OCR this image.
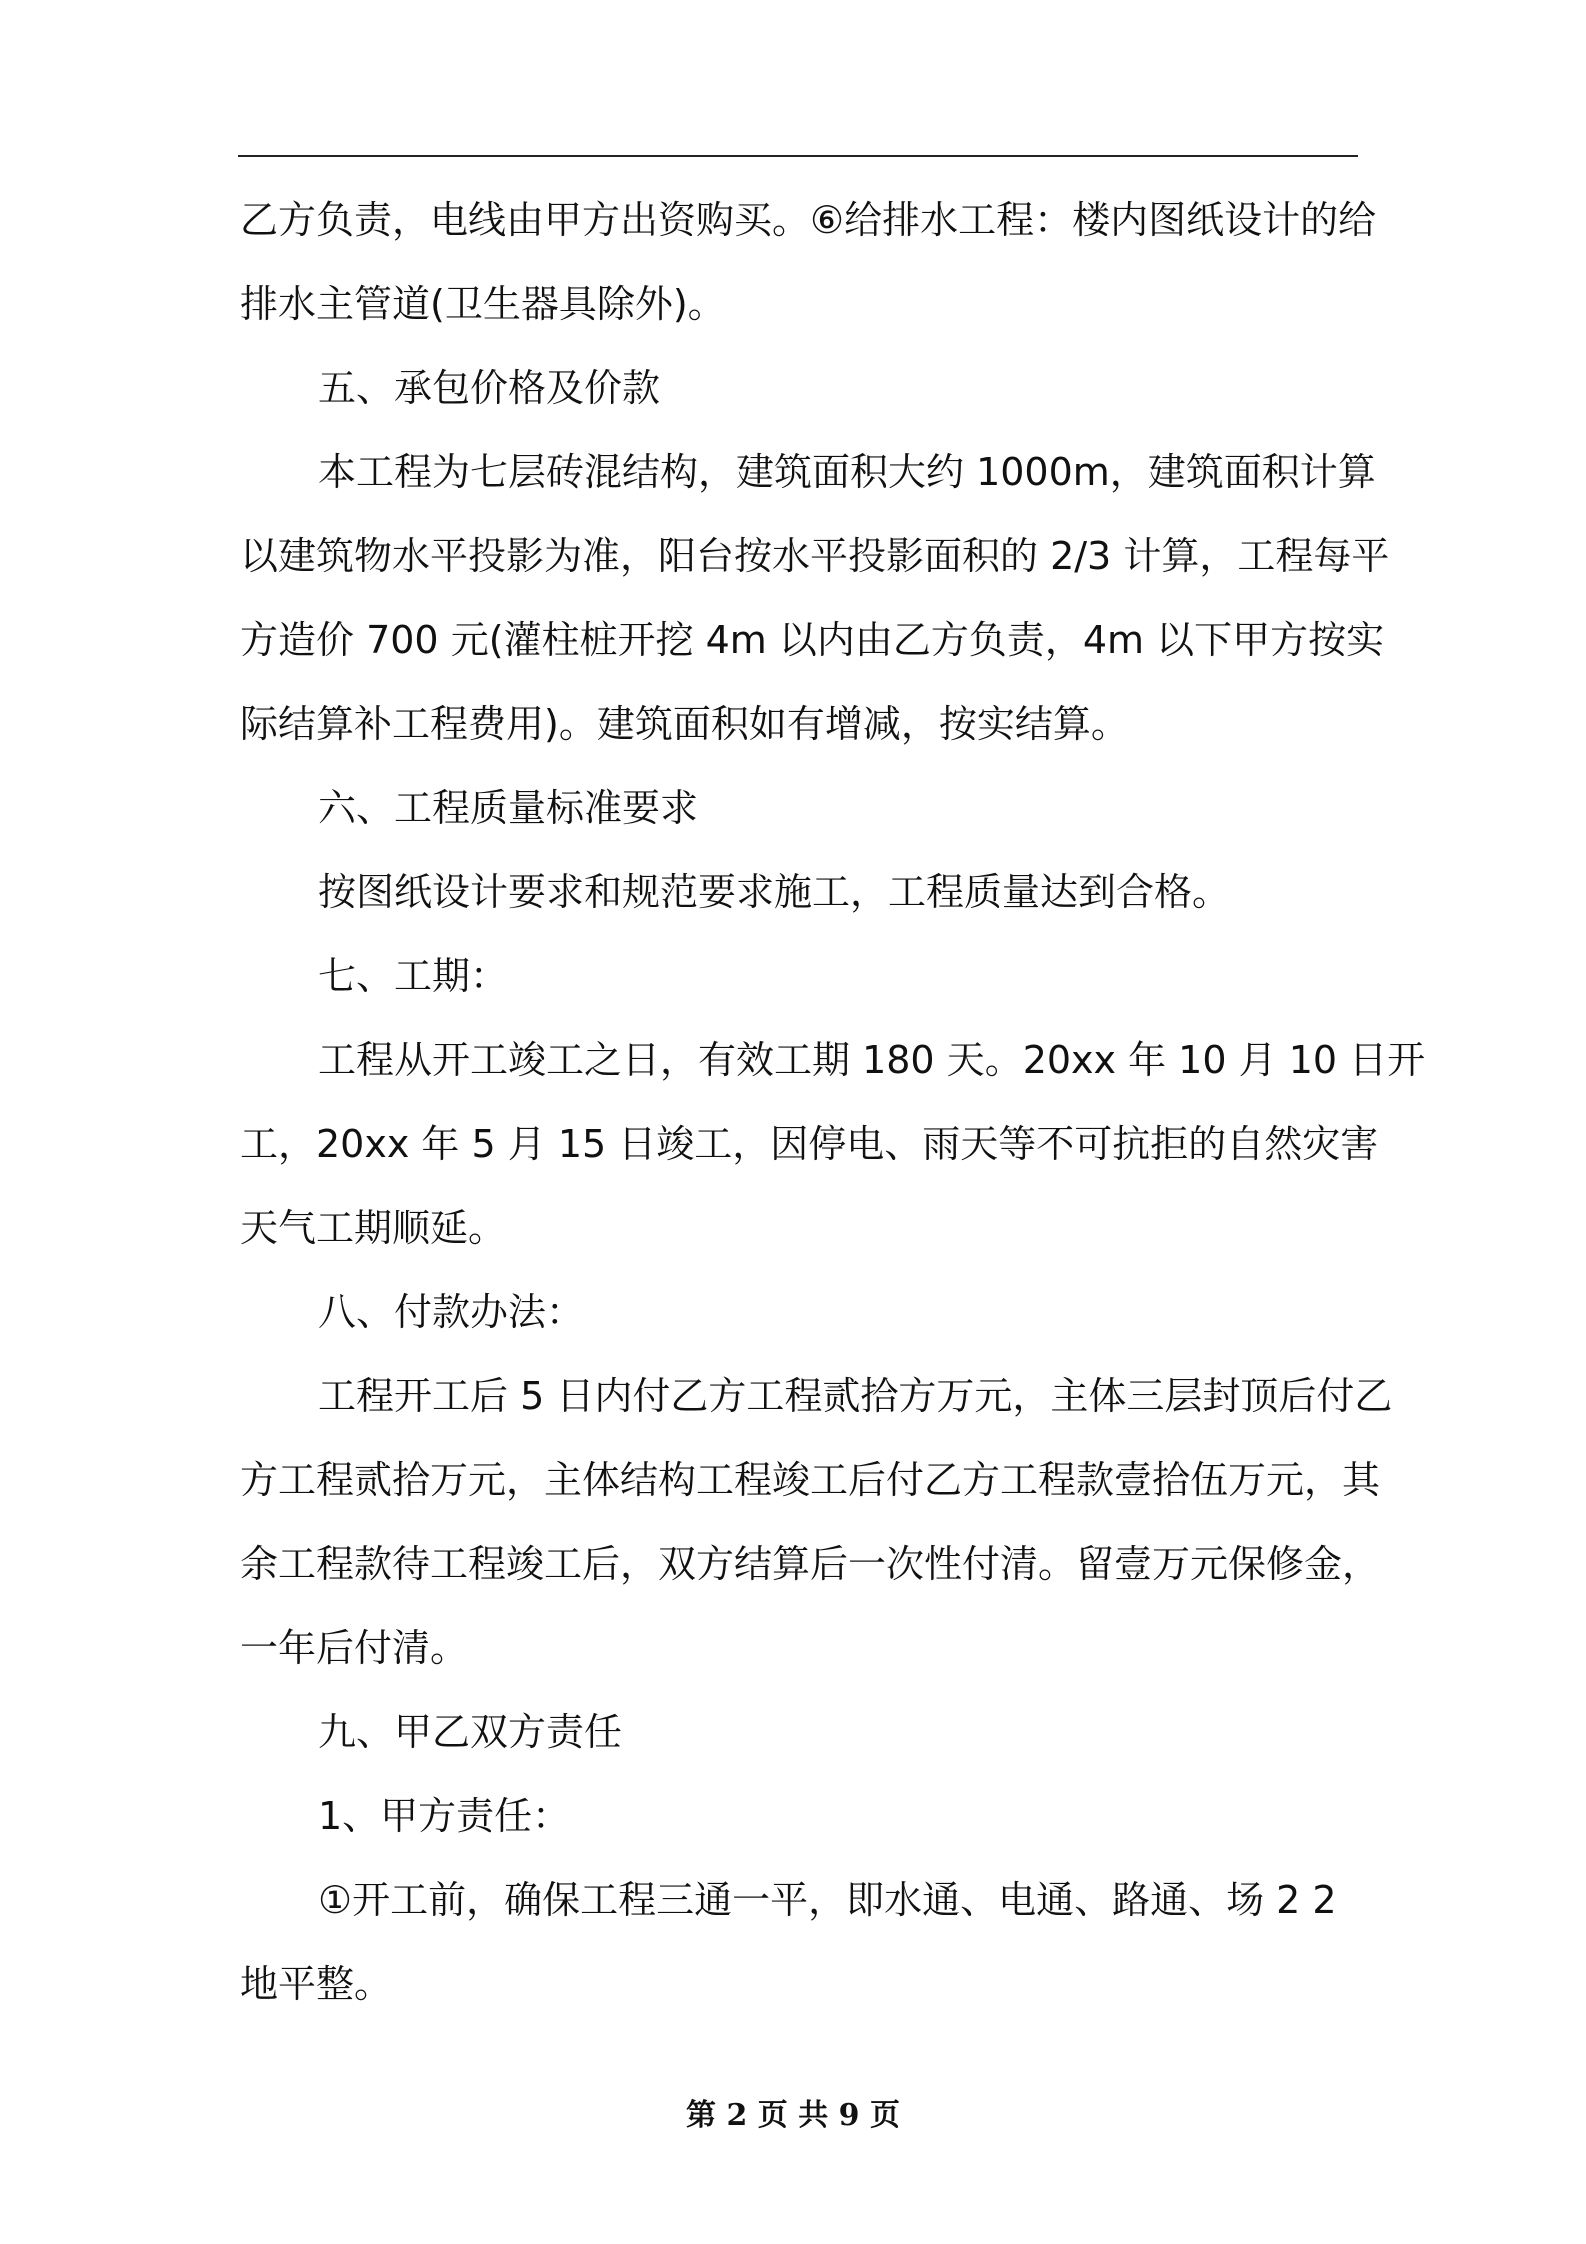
乙方负责，电线由甲方出资购买。⑥给排水工程：楼内图纸设计的给
排水主管道(卫生器具除外)。
五、承包价格及价款
本工程为七层砖混结构，建筑面积大约 1000m，建筑面积计算
以建筑物水平投影为准，阳台按水平投影面积的 2/3 计算，工程每平
方造价 700 元(灌柱桩开挖 4m 以内由乙方负责，4m 以下甲方按实
际结算补工程费用)。建筑面积如有增减，按实结算。
六、工程质量标准要求
按图纸设计要求和规范要求施工，工程质量达到合格。
七、工期：
工程从开工竣工之日，有效工期 180 天。20xx 年 10 月 10 日开
工，20xx 年 5 月 15 日竣工，因停电、雨天等不可抗拒的自然灾害
天气工期顺延。
八、付款办法：
工程开工后 5 日内付乙方工程贰拾方万元，主体三层封顶后付乙
方工程贰拾万元，主体结构工程竣工后付乙方工程款壹拾伍万元，其
余工程款待工程竣工后，双方结算后一次性付清。留壹万元保修金，
一年后付清。
九、甲乙双方责任
1、甲方责任：
①开工前，确保工程三通一平，即水通、电通、路通、场 2 2
地平整。
第 2 页 共 9 页
